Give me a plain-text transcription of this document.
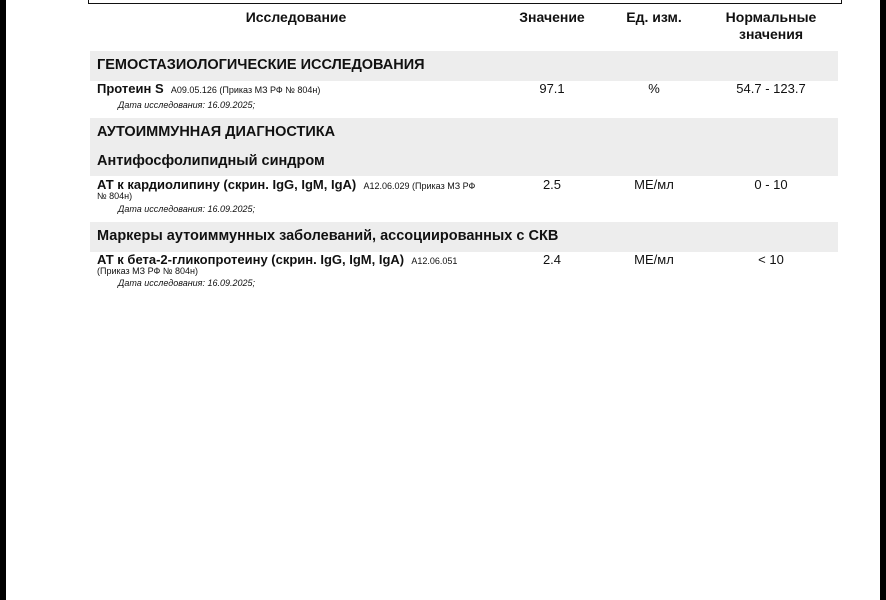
Исследование	Значение	Ед. изм.	Нормальные
значения
ГЕМОСТАЗИОЛОГИЧЕСКИЕ ИССЛЕДОВАНИЯ
Протеин S A09.05.126 (Приказ МЗ РФ № 804н)
Дата исследования: 16.09.2025;
97.1	%	54.7 - 123.7
АУТОИММУННАЯ ДИАГНОСТИКА
Антифосфолипидный синдром
АТ к кардиолипину (скрин. IgG, IgM, IgA) A12.06.029 (Приказ МЗ РФ
№ 804н)
Дата исследования: 16.09.2025;
2.5	МЕ/мл	0 - 10
Маркеры аутоиммунных заболеваний, ассоциированных с СКВ
АТ к бета-2-гликопротеину (скрин. IgG, IgM, IgA) A12.06.051
(Приказ МЗ РФ № 804н)
Дата исследования: 16.09.2025;
2.4	МЕ/мл	< 10
